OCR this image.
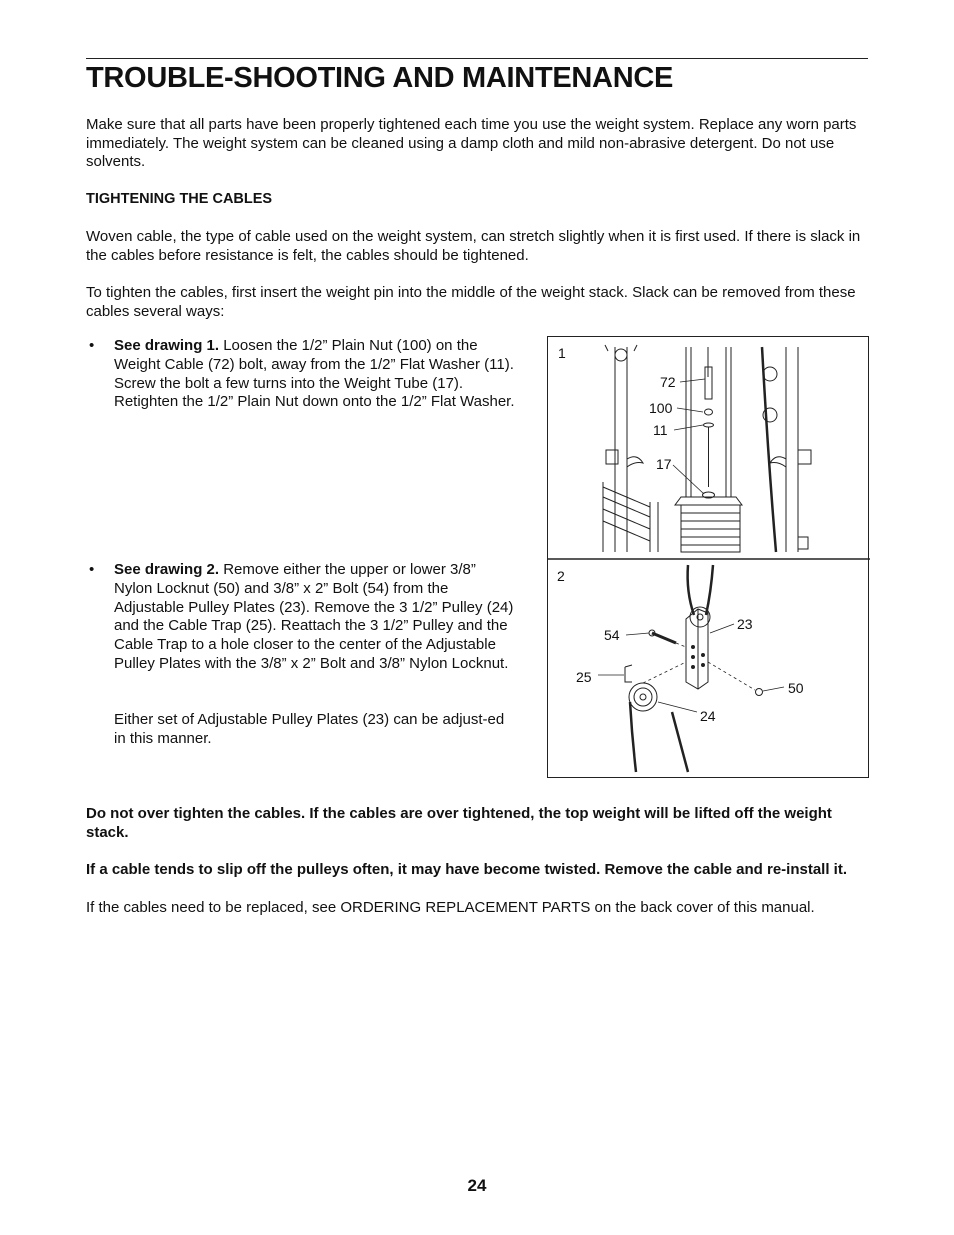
TROUBLE-SHOOTING AND MAINTENANCE

Make sure that all parts have been properly tightened each time you use the weight system. Replace any worn parts immediately. The weight system can be cleaned using a damp cloth and mild non-abrasive detergent. Do not use solvents.

TIGHTENING THE CABLES

Woven cable, the type of cable used on the weight system, can stretch slightly when it is first used. If there is slack in the cables before resistance is felt, the cables should be tightened.

To tighten the cables, first insert the weight pin into the middle of the weight stack. Slack can be removed from these cables several ways:

• See drawing 1. Loosen the 1/2” Plain Nut (100) on the Weight Cable (72) bolt, away from the 1/2” Flat Washer (11). Screw the bolt a few turns into the Weight Tube (17). Retighten the 1/2” Plain Nut down onto the 1/2” Flat Washer.
• See drawing 2. Remove either the upper or lower 3/8” Nylon Locknut (50) and 3/8” x 2” Bolt (54) from the Adjustable Pulley Plates (23). Remove the 3 1/2” Pulley (24) and the Cable Trap (25). Reattach the 3 1/2” Pulley and the Cable Trap to a hole closer to the center of the Adjustable Pulley Plates with the 3/8” x 2” Bolt and 3/8” Nylon Locknut.

Either set of Adjustable Pulley Plates (23) can be adjust-ed in this manner.

1
72
100
11
17
2
54
23
25
50
24

Do not over tighten the cables. If the cables are over tightened, the top weight will be lifted off the weight stack.

If a cable tends to slip off the pulleys often, it may have become twisted. Remove the cable and re-install it.

If the cables need to be replaced, see ORDERING REPLACEMENT PARTS on the back cover of this manual.

24
